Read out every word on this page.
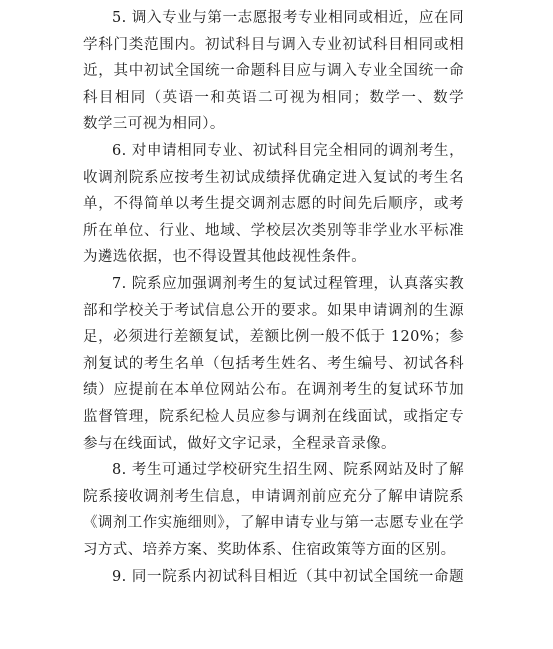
5. 调入专业与第一志愿报考专业相同或相近，应在同
学科门类范围内。初试科目与调入专业初试科目相同或相
近，其中初试全国统一命题科目应与调入专业全国统一命
科目相同（英语一和英语二可视为相同；数学一、数学
数学三可视为相同）。
6. 对申请相同专业、初试科目完全相同的调剂考生，
收调剂院系应按考生初试成绩择优确定进入复试的考生名
单，不得简单以考生提交调剂志愿的时间先后顺序，或考
所在单位、行业、地域、学校层次类别等非学业水平标准
为遴选依据，也不得设置其他歧视性条件。
7. 院系应加强调剂考生的复试过程管理，认真落实教
部和学校关于考试信息公开的要求。如果申请调剂的生源
足，必须进行差额复试，差额比例一般不低于 120%；参
剂复试的考生名单（包括考生姓名、考生编号、初试各科
绩）应提前在本单位网站公布。在调剂考生的复试环节加
监督管理，院系纪检人员应参与调剂在线面试，或指定专
参与在线面试，做好文字记录，全程录音录像。
8. 考生可通过学校研究生招生网、院系网站及时了解
院系接收调剂考生信息，申请调剂前应充分了解申请院系
《调剂工作实施细则》，了解申请专业与第一志愿专业在学
习方式、培养方案、奖助体系、住宿政策等方面的区别。
9. 同一院系内初试科目相近（其中初试全国统一命题
